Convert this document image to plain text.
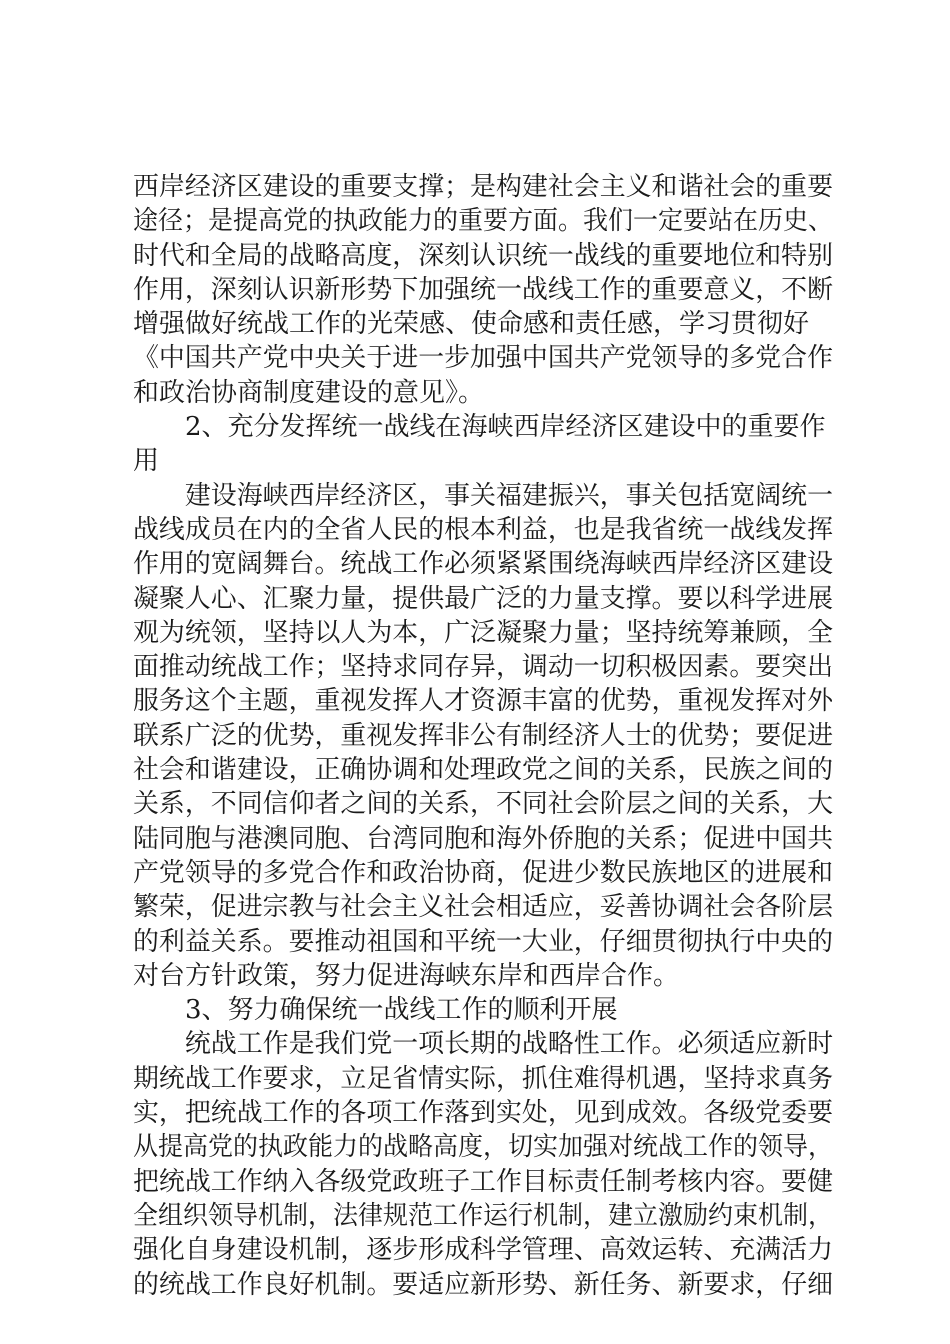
西岸经济区建设的重要支撑；是构建社会主义和谐社会的重要
途径；是提高党的执政能力的重要方面。我们一定要站在历史、
时代和全局的战略高度，深刻认识统一战线的重要地位和特别
作用，深刻认识新形势下加强统一战线工作的重要意义，不断
增强做好统战工作的光荣感、使命感和责任感，学习贯彻好
《中国共产党中央关于进一步加强中国共产党领导的多党合作
和政治协商制度建设的意见》。
2、充分发挥统一战线在海峡西岸经济区建设中的重要作
用
建设海峡西岸经济区，事关福建振兴，事关包括宽阔统一
战线成员在内的全省人民的根本利益，也是我省统一战线发挥
作用的宽阔舞台。统战工作必须紧紧围绕海峡西岸经济区建设
凝聚人心、汇聚力量，提供最广泛的力量支撑。要以科学进展
观为统领，坚持以人为本，广泛凝聚力量；坚持统筹兼顾，全
面推动统战工作；坚持求同存异，调动一切积极因素。要突出
服务这个主题，重视发挥人才资源丰富的优势，重视发挥对外
联系广泛的优势，重视发挥非公有制经济人士的优势；要促进
社会和谐建设，正确协调和处理政党之间的关系，民族之间的
关系，不同信仰者之间的关系，不同社会阶层之间的关系，大
陆同胞与港澳同胞、台湾同胞和海外侨胞的关系；促进中国共
产党领导的多党合作和政治协商，促进少数民族地区的进展和
繁荣，促进宗教与社会主义社会相适应，妥善协调社会各阶层
的利益关系。要推动祖国和平统一大业，仔细贯彻执行中央的
对台方针政策，努力促进海峡东岸和西岸合作。
3、努力确保统一战线工作的顺利开展
统战工作是我们党一项长期的战略性工作。必须适应新时
期统战工作要求，立足省情实际，抓住难得机遇，坚持求真务
实，把统战工作的各项工作落到实处，见到成效。各级党委要
从提高党的执政能力的战略高度，切实加强对统战工作的领导，
把统战工作纳入各级党政班子工作目标责任制考核内容。要健
全组织领导机制，法律规范工作运行机制，建立激励约束机制，
强化自身建设机制，逐步形成科学管理、高效运转、充满活力
的统战工作良好机制。要适应新形势、新任务、新要求，仔细
